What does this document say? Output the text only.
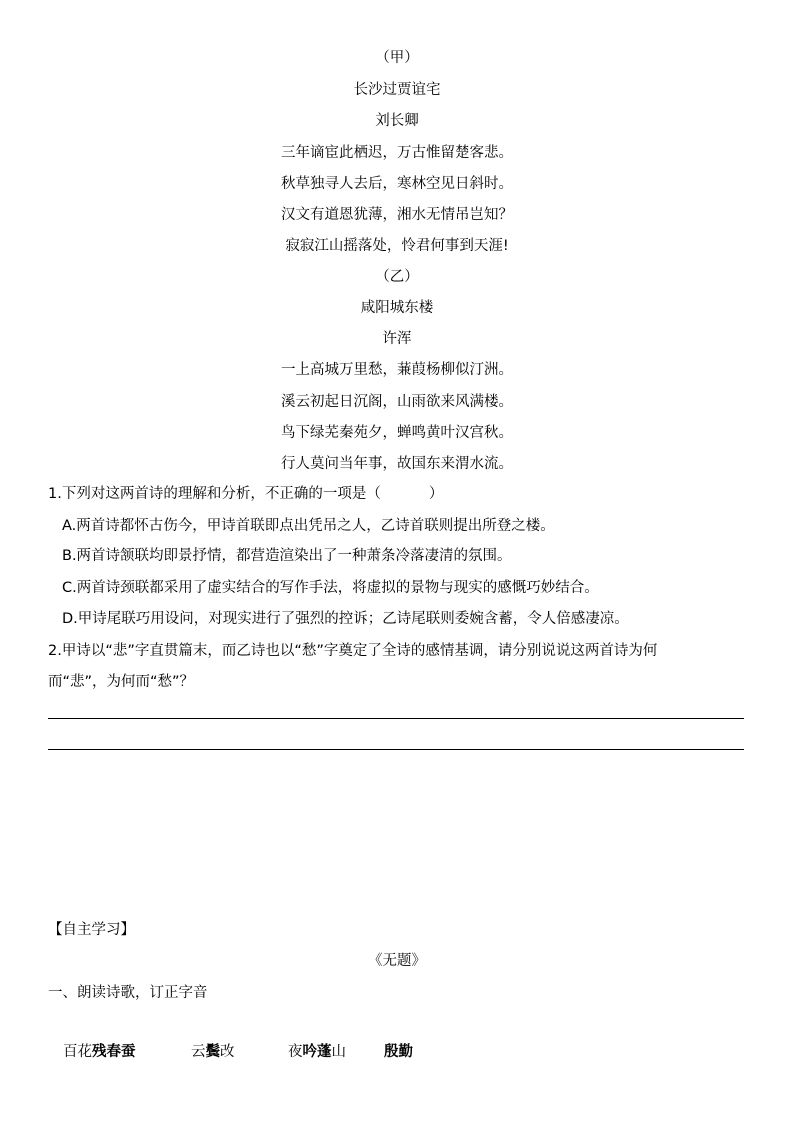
（甲）
长沙过贾谊宅
刘长卿
三年谪宦此栖迟，万古惟留楚客悲。
秋草独寻人去后，寒林空见日斜时。
汉文有道恩犹薄，湘水无情吊岂知？
寂寂江山摇落处，怜君何事到天涯!
（乙）
咸阳城东楼
许浑
一上高城万里愁，蒹葭杨柳似汀洲。
溪云初起日沉阁，山雨欲来风满楼。
鸟下绿芜秦苑夕，蝉鸣黄叶汉宫秋。
行人莫问当年事，故国东来渭水流。
1.下列对这两首诗的理解和分析，不正确的一项是（	）
A.两首诗都怀古伤今，甲诗首联即点出凭吊之人，乙诗首联则提出所登之楼。
B.两首诗颔联均即景抒情，都营造渲染出了一种萧条冷落凄清的氛围。
C.两首诗颈联都采用了虚实结合的写作手法，将虚拟的景物与现实的感慨巧妙结合。
D.甲诗尾联巧用设问，对现实进行了强烈的控诉；乙诗尾联则委婉含蓄，令人倍感凄凉。
2.甲诗以“悲”字直贯篇末，而乙诗也以“愁”字奠定了全诗的感情基调，请分别说说这两首诗为何
而“悲”，为何而“愁”？
【自主学习】
《无题》
一、朗读诗歌，订正字音
百花残春蚕	云鬓改	夜吟蓬山	殷勤
